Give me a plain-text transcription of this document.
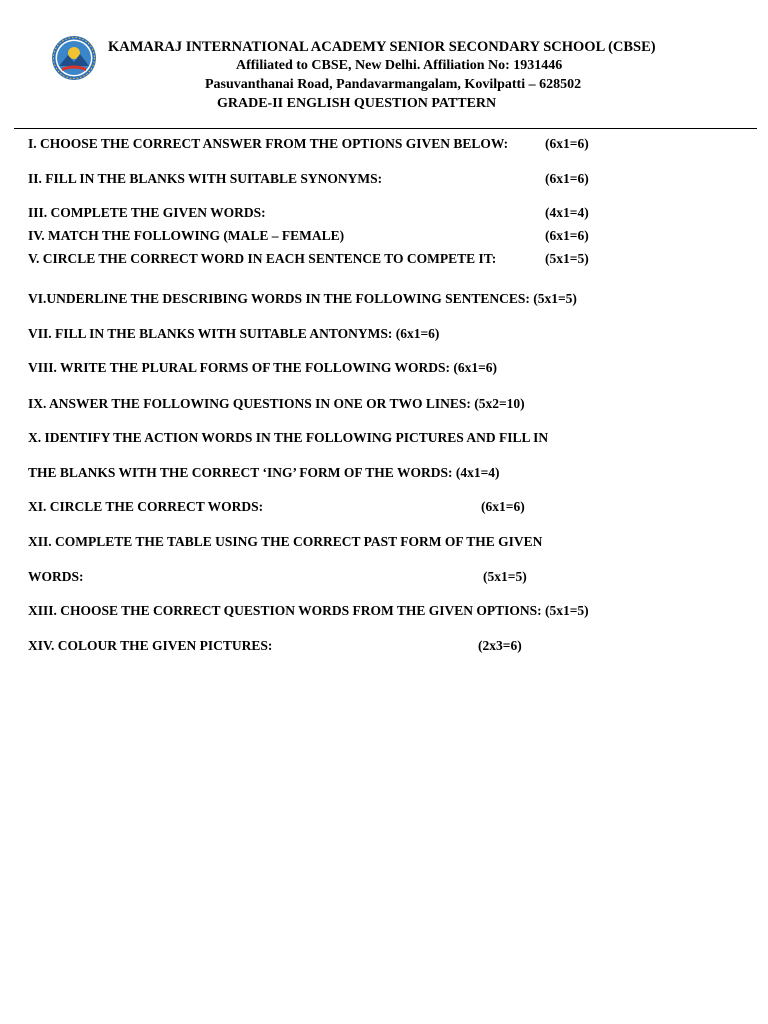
KAMARAJ INTERNATIONAL ACADEMY SENIOR SECONDARY SCHOOL (CBSE)
Affiliated to CBSE, New Delhi. Affiliation No: 1931446
Pasuvanthanai Road, Pandavarmangalam, Kovilpatti – 628502
GRADE-II ENGLISH QUESTION PATTERN
I. CHOOSE THE CORRECT ANSWER FROM THE OPTIONS GIVEN BELOW:	(6x1=6)
II. FILL IN THE BLANKS WITH SUITABLE SYNONYMS:	(6x1=6)
III. COMPLETE THE GIVEN WORDS:	(4x1=4)
IV. MATCH THE FOLLOWING (MALE – FEMALE)	(6x1=6)
V. CIRCLE THE CORRECT WORD IN EACH SENTENCE TO COMPETE IT:	(5x1=5)
VI.UNDERLINE THE DESCRIBING WORDS IN THE FOLLOWING SENTENCES: (5x1=5)
VII. FILL IN THE BLANKS WITH SUITABLE ANTONYMS: (6x1=6)
VIII. WRITE THE PLURAL FORMS OF THE FOLLOWING WORDS: (6x1=6)
IX. ANSWER THE FOLLOWING QUESTIONS IN ONE OR TWO LINES: (5x2=10)
X. IDENTIFY THE ACTION WORDS IN THE FOLLOWING PICTURES AND FILL IN
THE BLANKS WITH THE CORRECT ‘ING’ FORM OF THE WORDS: (4x1=4)
XI. CIRCLE THE CORRECT WORDS:	(6x1=6)
XII. COMPLETE THE TABLE USING THE CORRECT PAST FORM OF THE GIVEN
WORDS:	(5x1=5)
XIII. CHOOSE THE CORRECT QUESTION WORDS FROM THE GIVEN OPTIONS: (5x1=5)
XIV. COLOUR THE GIVEN PICTURES:	(2x3=6)
